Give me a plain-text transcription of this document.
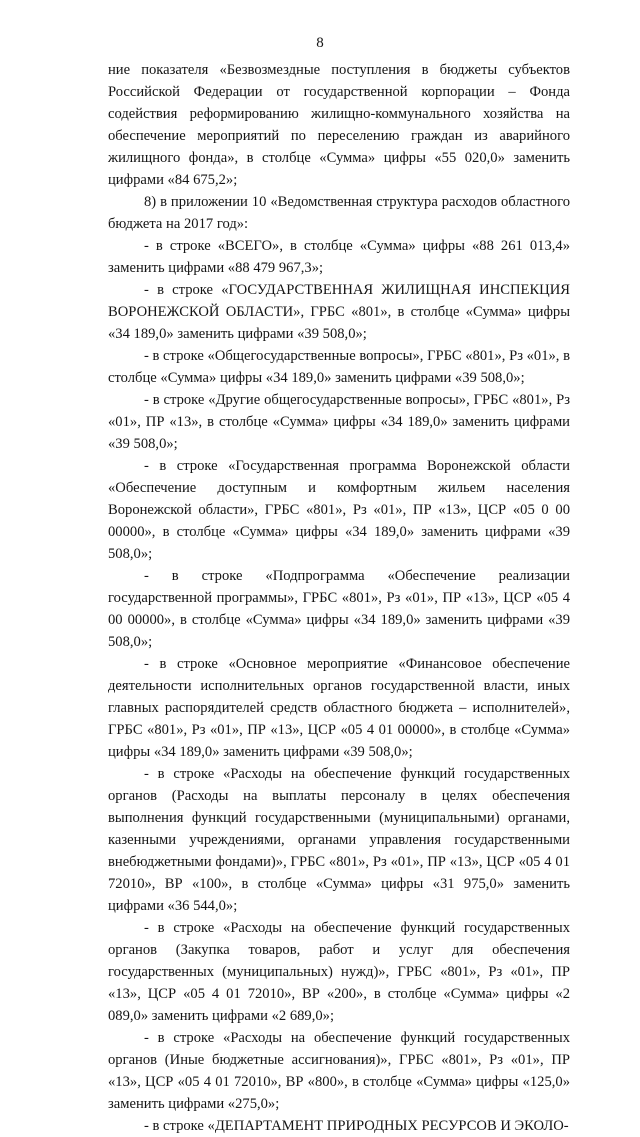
8

ние показателя «Безвозмездные поступления в бюджеты субъектов Российской Федерации от государственной корпорации – Фонда содействия реформированию жилищно-коммунального хозяйства на обеспечение мероприятий по переселению граждан из аварийного жилищного фонда», в столбце «Сумма» цифры «55 020,0» заменить цифрами «84 675,2»;

8) в приложении 10 «Ведомственная структура расходов областного бюджета на 2017 год»:

- в строке «ВСЕГО», в столбце «Сумма» цифры «88 261 013,4» заменить цифрами «88 479 967,3»;

- в строке «ГОСУДАРСТВЕННАЯ ЖИЛИЩНАЯ ИНСПЕКЦИЯ ВОРОНЕЖСКОЙ ОБЛАСТИ», ГРБС «801», в столбце «Сумма» цифры «34 189,0» заменить цифрами «39 508,0»;

- в строке «Общегосударственные вопросы», ГРБС «801», Рз «01», в столбце «Сумма» цифры «34 189,0» заменить цифрами «39 508,0»;

- в строке «Другие общегосударственные вопросы», ГРБС «801», Рз «01», ПР «13», в столбце «Сумма» цифры «34 189,0» заменить цифрами «39 508,0»;

- в строке «Государственная программа Воронежской области «Обеспечение доступным и комфортным жильем населения Воронежской области», ГРБС «801», Рз «01», ПР «13», ЦСР «05 0 00 00000», в столбце «Сумма» цифры «34 189,0» заменить цифрами «39 508,0»;

- в строке «Подпрограмма «Обеспечение реализации государственной программы», ГРБС «801», Рз «01», ПР «13», ЦСР «05 4 00 00000», в столбце «Сумма» цифры «34 189,0» заменить цифрами «39 508,0»;

- в строке «Основное мероприятие «Финансовое обеспечение деятельности исполнительных органов государственной власти, иных главных распорядителей средств областного бюджета – исполнителей», ГРБС «801», Рз «01», ПР «13», ЦСР «05 4 01 00000», в столбце «Сумма» цифры «34 189,0» заменить цифрами «39 508,0»;

- в строке «Расходы на обеспечение функций государственных органов (Расходы на выплаты персоналу в целях обеспечения выполнения функций государственными (муниципальными) органами, казенными учреждениями, органами управления государственными внебюджетными фондами)», ГРБС «801», Рз «01», ПР «13», ЦСР «05 4 01 72010», ВР «100», в столбце «Сумма» цифры «31 975,0» заменить цифрами «36 544,0»;

- в строке «Расходы на обеспечение функций государственных органов (Закупка товаров, работ и услуг для обеспечения государственных (муниципальных) нужд)», ГРБС «801», Рз «01», ПР «13», ЦСР «05 4 01 72010», ВР «200», в столбце «Сумма» цифры «2 089,0» заменить цифрами «2 689,0»;

- в строке «Расходы на обеспечение функций государственных органов (Иные бюджетные ассигнования)», ГРБС «801», Рз «01», ПР «13», ЦСР «05 4 01 72010», ВР «800», в столбце «Сумма» цифры «125,0» заменить цифрами «275,0»;

- в строке «ДЕПАРТАМЕНТ ПРИРОДНЫХ РЕСУРСОВ И ЭКОЛО-
